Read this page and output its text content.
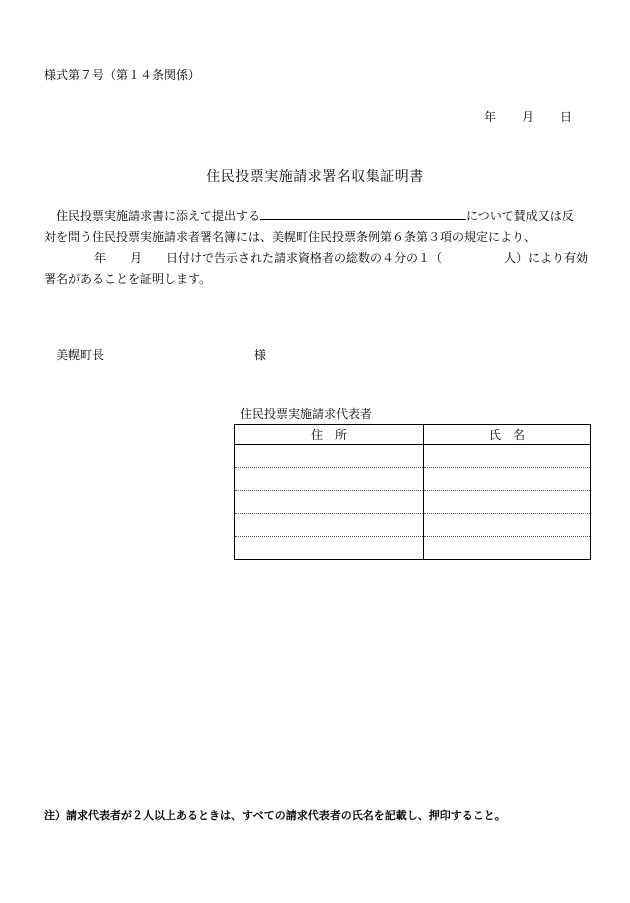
様式第７号（第１４条関係）
年 月 日
住民投票実施請求署名収集証明書
住民投票実施請求書に添えて提出する	について賛成又は反
対を問う住民投票実施請求者署名簿には、美幌町住民投票条例第６条第３項の規定により、
年 月 日付けで告示された請求資格者の総数の４分の１（	人）により有効
署名があることを証明します。
美幌町長	様
住民投票実施請求代表者
住　所	氏　名

注）請求代表者が２人以上あるときは、すべての請求代表者の氏名を記載し、押印すること。
